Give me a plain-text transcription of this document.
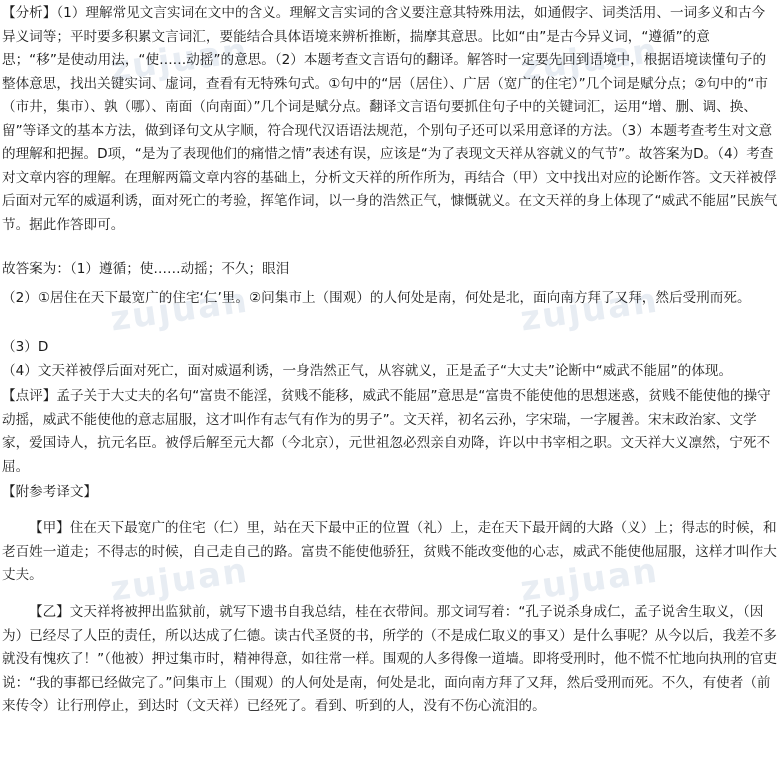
zujuan	zujuan
zujuan	zujuan
zujuan	zujuan

【分析】（1）理解常见文言实词在文中的含义。理解文言实词的含义要注意其特殊用法，如通假字、词类活用、一词多义和古今异义词等；平时要多积累文言词汇，要能结合具体语境来辨析推断，揣摩其意思。比如“由”是古今异义词，“遵循”的意思；“移”是使动用法，“使……动摇”的意思。（2）本题考查文言语句的翻译。解答时一定要先回到语境中，根据语境读懂句子的整体意思，找出关键实词、虚词，查看有无特殊句式。①句中的“居（居住）、广居（宽广的住宅）”几个词是赋分点；②句中的“市（市井，集市）、孰（哪）、南面（向南面）”几个词是赋分点。翻译文言语句要抓住句子中的关键词汇，运用“增、删、调、换、留”等译文的基本方法，做到译句文从字顺，符合现代汉语语法规范，个别句子还可以采用意译的方法。（3）本题考查考生对文意的理解和把握。D项，“是为了表现他们的痛惜之情”表述有误，应该是“为了表现文天祥从容就义的气节”。故答案为D。（4）考查对文章内容的理解。在理解两篇文章内容的基础上，分析文天祥的所作所为，再结合（甲）文中找出对应的论断作答。文天祥被俘后面对元军的威逼利诱，面对死亡的考验，挥笔作词，以一身的浩然正气，慷慨就义。在文天祥的身上体现了“威武不能屈”民族气节。据此作答即可。

故答案为：（1）遵循；使……动摇；不久；眼泪

（2）①居住在天下最宽广的住宅‘仁’里。②问集市上（围观）的人何处是南，何处是北，面向南方拜了又拜，然后受刑而死。

（3）D

（4）文天祥被俘后面对死亡，面对威逼利诱，一身浩然正气，从容就义，正是孟子“大丈夫”论断中“威武不能屈”的体现。

【点评】孟子关于大丈夫的名句“富贵不能淫，贫贱不能移，威武不能屈”意思是“富贵不能使他的思想迷惑，贫贱不能使他的操守动摇，威武不能使他的意志屈服，这才叫作有志气有作为的男子”。文天祥，初名云孙，字宋瑞，一字履善。宋末政治家、文学家，爱国诗人，抗元名臣。被俘后解至元大都（今北京），元世祖忽必烈亲自劝降，许以中书宰相之职。文天祥大义凛然，宁死不屈。

【附参考译文】

【甲】住在天下最宽广的住宅（仁）里，站在天下最中正的位置（礼）上，走在天下最开阔的大路（义）上；得志的时候，和老百姓一道走；不得志的时候，自己走自己的路。富贵不能使他骄狂，贫贱不能改变他的心志，威武不能使他屈服，这样才叫作大丈夫。

【乙】文天祥将被押出监狱前，就写下遗书自我总结，桂在衣带间。那文词写着：“孔子说杀身成仁，孟子说舍生取义，（因为）已经尽了人臣的责任，所以达成了仁德。读古代圣贤的书，所学的（不是成仁取义的事又）是什么事呢？从今以后，我差不多就没有愧疚了！”（他被）押过集市时，精神得意，如往常一样。围观的人多得像一道墙。即将受刑时，他不慌不忙地向执刑的官吏说：“我的事都已经做完了。”问集市上（围观）的人何处是南，何处是北，面向南方拜了又拜，然后受刑而死。不久，有使者（前来传令）让行刑停止，到达时（文天祥）已经死了。看到、听到的人，没有不伤心流泪的。
